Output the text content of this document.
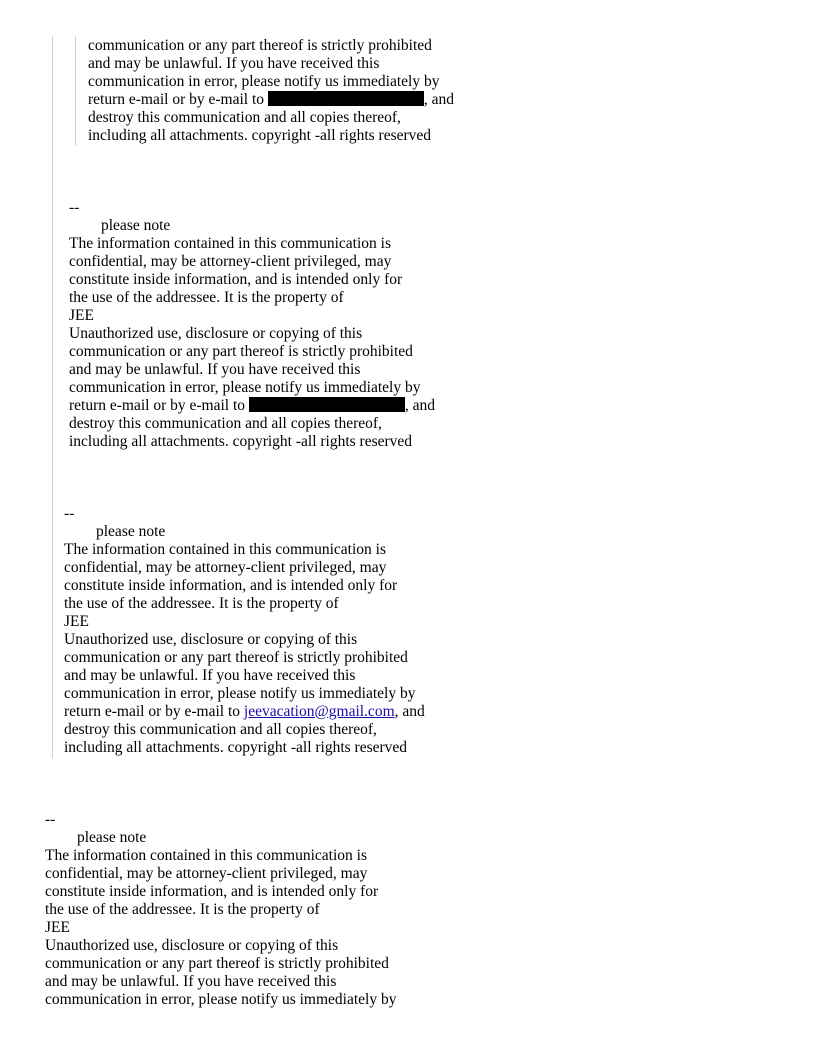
communication or any part thereof is strictly prohibited
and may be unlawful. If you have received this
communication in error, please notify us immediately by
return e-mail or by e-mail to	, and
destroy this communication and all copies thereof,
including all attachments. copyright -all rights reserved
--
please note
The information contained in this communication is
confidential, may be attorney-client privileged, may
constitute inside information, and is intended only for
the use of the addressee. It is the property of
JEE
Unauthorized use, disclosure or copying of this
communication or any part thereof is strictly prohibited
and may be unlawful. If you have received this
communication in error, please notify us immediately by
return e-mail or by e-mail to	, and
destroy this communication and all copies thereof,
including all attachments. copyright -all rights reserved
--
please note
The information contained in this communication is
confidential, may be attorney-client privileged, may
constitute inside information, and is intended only for
the use of the addressee. It is the property of
JEE
Unauthorized use, disclosure or copying of this
communication or any part thereof is strictly prohibited
and may be unlawful. If you have received this
communication in error, please notify us immediately by
return e-mail or by e-mail to jeevacation@gmail.com, and
destroy this communication and all copies thereof,
including all attachments. copyright -all rights reserved
--
please note
The information contained in this communication is
confidential, may be attorney-client privileged, may
constitute inside information, and is intended only for
the use of the addressee. It is the property of
JEE
Unauthorized use, disclosure or copying of this
communication or any part thereof is strictly prohibited
and may be unlawful. If you have received this
communication in error, please notify us immediately by
